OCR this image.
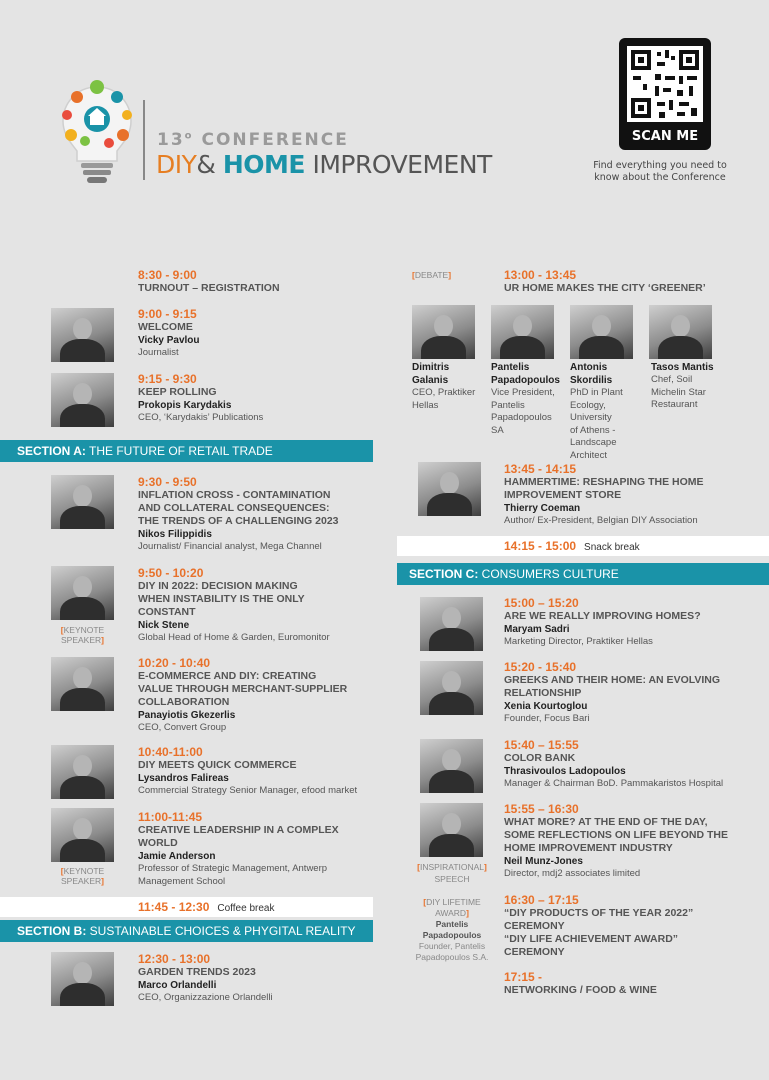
13$^o$ CONFERENCE
DIY& HOME IMPROVEMENT
SCAN ME
Find everything you need to
know about the Conference
8:30 - 9:00
TURNOUT – REGISTRATION
9:00 - 9:15
WELCOME
Vicky Pavlou
Journalist
9:15 - 9:30
KEEP ROLLING
Prokopis Karydakis
CEO, ‘Karydakis’ Publications
SECTION A: THE FUTURE OF RETAIL TRADE
9:30 - 9:50
INFLATION CROSS - CONTAMINATION
AND COLLATERAL CONSEQUENCES:
THE TRENDS OF A CHALLENGING 2023
Nikos Filippidis
Journalist/ Financial analyst, Mega Channel
[KEYNOTE SPEAKER]
9:50 - 10:20
DIY IN 2022: DECISION MAKING
WHEN INSTABILITY IS THE ONLY
CONSTANT
Nick Stene
Global Head of Home & Garden, Euromonitor
10:20 - 10:40
E-COMMERCE AND DIY: CREATING
VALUE THROUGH MERCHANT-SUPPLIER
COLLABORATION
Panayiotis Gkezerlis
CEO, Convert Group
10:40-11:00
DIY MEETS QUICK COMMERCE
Lysandros Falireas
Commercial Strategy Senior Manager, efood market
[KEYNOTE SPEAKER]
11:00-11:45
CREATIVE LEADERSHIP IN A COMPLEX
WORLD
Jamie Anderson
Professor of Strategic Management, Antwerp
Management School
11:45 - 12:30 Coffee break
SECTION B: SUSTAINABLE CHOICES & PHYGITAL REALITY
12:30 - 13:00
GARDEN TRENDS 2023
Marco Orlandelli
CEO, Organizzazione Orlandelli
[DEBATE]	13:00 - 13:45
UR HOME MAKES THE CITY ‘GREENER’
Dimitris
Galanis
CEO, Praktiker
Hellas
Pantelis
Papadopoulos
Vice President,
Pantelis
Papadopoulos
SA
Antonis
Skordilis
PhD in Plant
Ecology, University
of Athens -
Landscape
Architect
Tasos Mantis
Chef, Soil
Michelin Star
Restaurant
13:45 - 14:15
HAMMERTIME: RESHAPING THE HOME
IMPROVEMENT STORE
Thierry Coeman
Author/ Ex-President, Belgian DIY Association
14:15 - 15:00 Snack break
SECTION C: CONSUMERS CULTURE
15:00 – 15:20
ARE WE REALLY IMPROVING HOMES?
Maryam Sadri
Marketing Director, Praktiker Hellas
15:20 - 15:40
GREEKS AND THEIR HOME: AN EVOLVING
RELATIONSHIP
Xenia Kourtoglou
Founder, Focus Bari
15:40 – 15:55
COLOR BANK
Thrasivoulos Ladopoulos
Manager & Chairman BoD. Pammakaristos Hospital
[INSPIRATIONAL]
SPEECH
15:55 – 16:30
WHAT MORE? AT THE END OF THE DAY,
SOME REFLECTIONS ON LIFE BEYOND THE
HOME IMPROVEMENT INDUSTRY
Neil Munz-Jones
Director, mdj2 associates limited
[DIY LIFETIME
AWARD]
Pantelis
Papadopoulos
Founder, Pantelis
Papadopoulos S.A.
16:30 – 17:15
“DIY PRODUCTS OF THE YEAR 2022”
CEREMONY
“DIY LIFE ACHIEVEMENT AWARD”
CEREMONY
17:15 -
NETWORKING / FOOD & WINE
